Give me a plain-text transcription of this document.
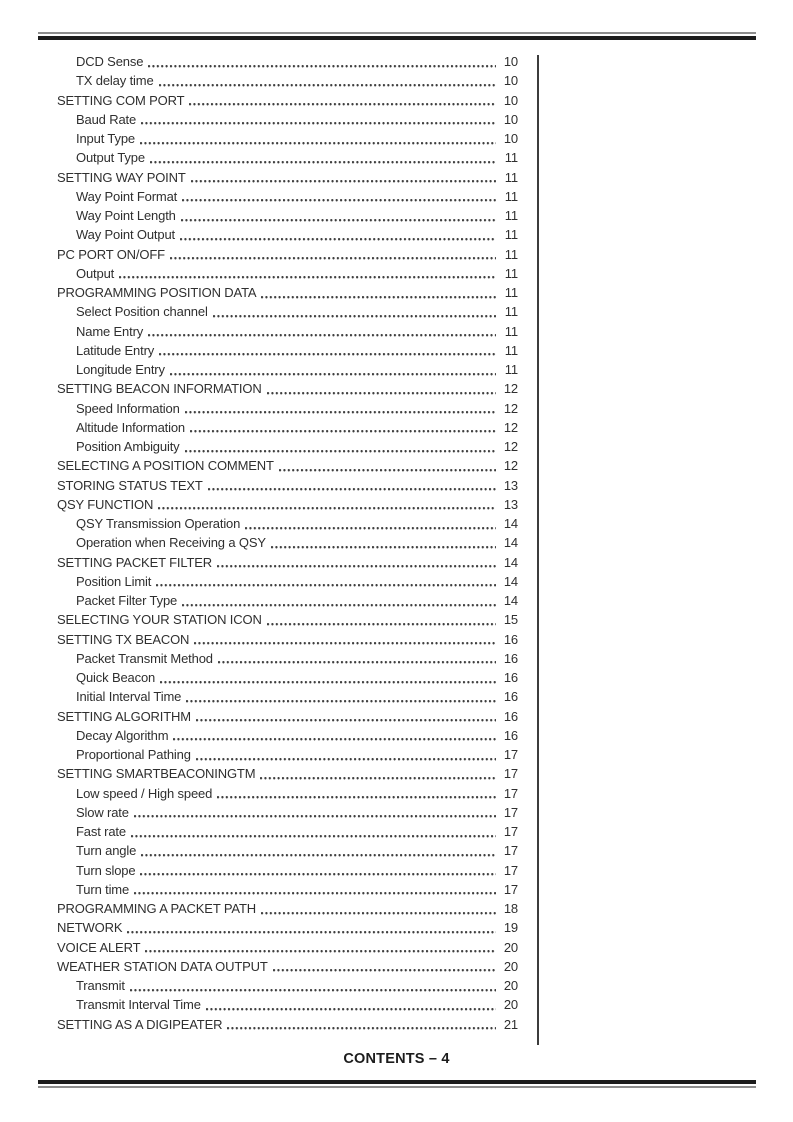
DCD Sense	10
TX delay time	10
SETTING COM PORT	10
Baud Rate	10
Input Type	10
Output Type	11
SETTING WAY POINT	11
Way Point Format	11
Way Point Length	11
Way Point Output	11
PC PORT ON/OFF	11
Output	11
PROGRAMMING POSITION DATA	11
Select Position channel	11
Name Entry	11
Latitude Entry	11
Longitude Entry	11
SETTING BEACON INFORMATION	12
Speed Information	12
Altitude Information	12
Position Ambiguity	12
SELECTING A POSITION COMMENT	12
STORING STATUS TEXT	13
QSY FUNCTION	13
QSY Transmission Operation	14
Operation when Receiving a QSY	14
SETTING PACKET FILTER	14
Position Limit	14
Packet Filter Type	14
SELECTING YOUR STATION ICON	15
SETTING TX BEACON	16
Packet Transmit Method	16
Quick Beacon	16
Initial Interval Time	16
SETTING ALGORITHM	16
Decay Algorithm	16
Proportional Pathing	17
SETTING SMARTBEACONINGTM	17
Low speed / High speed	17
Slow rate	17
Fast rate	17
Turn angle	17
Turn slope	17
Turn time	17
PROGRAMMING A PACKET PATH	18
NETWORK	19
VOICE ALERT	20
WEATHER STATION DATA OUTPUT	20
Transmit	20
Transmit Interval Time	20
SETTING AS A DIGIPEATER	21
CONTENTS – 4
